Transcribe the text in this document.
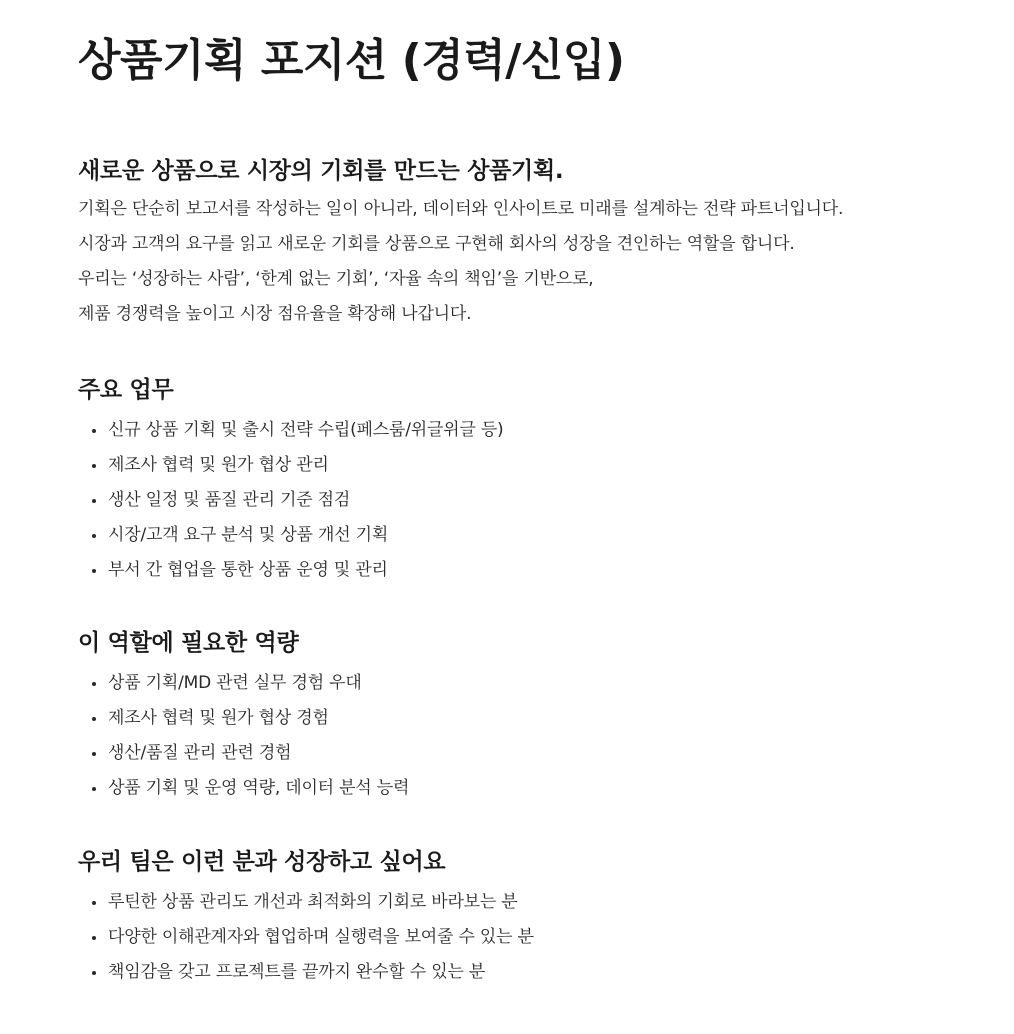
상품기획 포지션 (경력/신입)
새로운 상품으로 시장의 기회를 만드는 상품기획.

기획은 단순히 보고서를 작성하는 일이 아니라, 데이터와 인사이트로 미래를 설계하는 전략 파트너입니다.

시장과 고객의 요구를 읽고 새로운 기회를 상품으로 구현해 회사의 성장을 견인하는 역할을 합니다.

우리는 ‘성장하는 사람’, ‘한계 없는 기회’, ‘자율 속의 책임’을 기반으로,

제품 경쟁력을 높이고 시장 점유율을 확장해 나갑니다.

주요 업무
신규 상품 기획 및 출시 전략 수립(페스룸/위글위글 등)
제조사 협력 및 원가 협상 관리
생산 일정 및 품질 관리 기준 점검
시장/고객 요구 분석 및 상품 개선 기획
부서 간 협업을 통한 상품 운영 및 관리
이 역할에 필요한 역량
상품 기획/MD 관련 실무 경험 우대
제조사 협력 및 원가 협상 경험
생산/품질 관리 관련 경험
상품 기획 및 운영 역량, 데이터 분석 능력
우리 팀은 이런 분과 성장하고 싶어요
루틴한 상품 관리도 개선과 최적화의 기회로 바라보는 분
다양한 이해관계자와 협업하며 실행력을 보여줄 수 있는 분
책임감을 갖고 프로젝트를 끝까지 완수할 수 있는 분
